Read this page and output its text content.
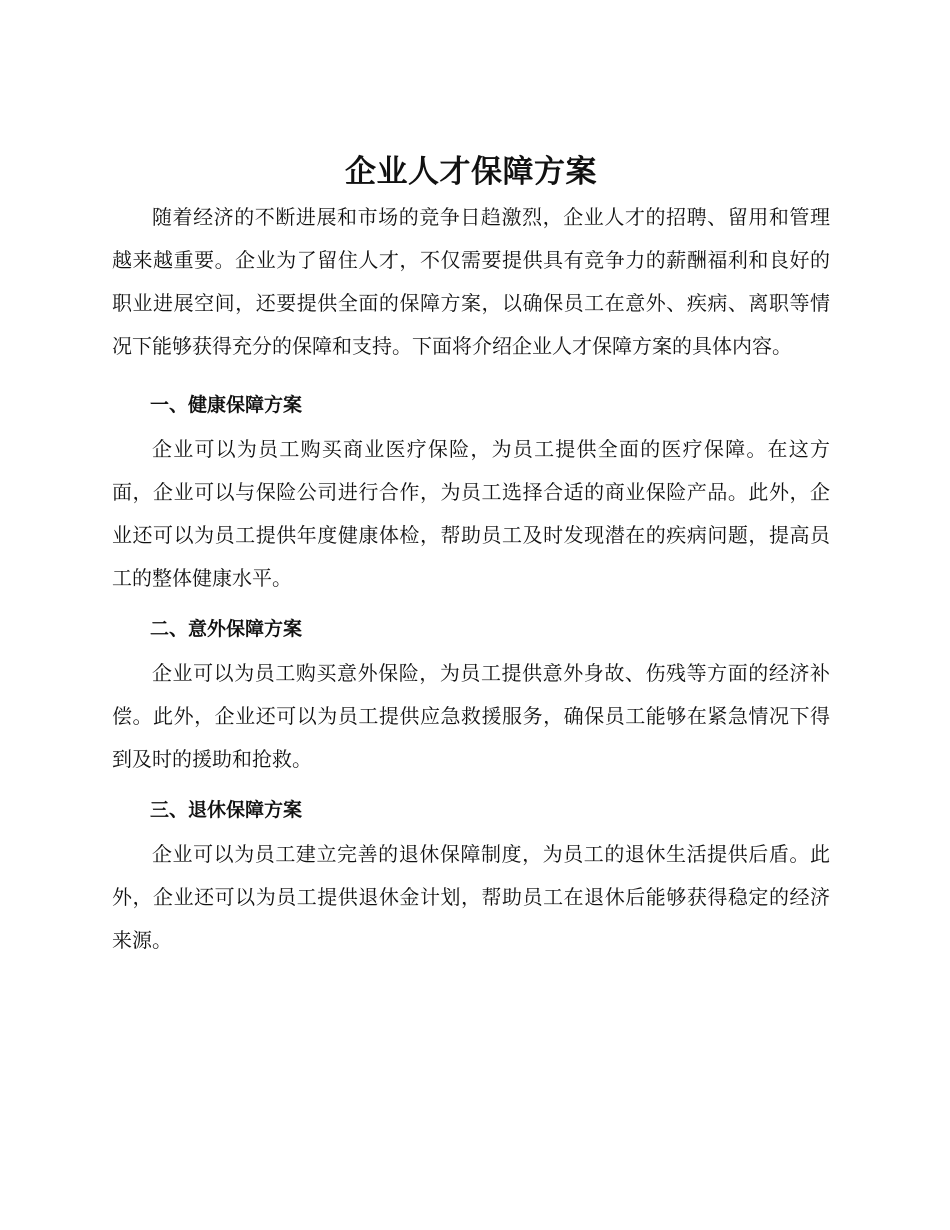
企业人才保障方案

随着经济的不断进展和市场的竞争日趋激烈，企业人才的招聘、留用和管理越来越重要。企业为了留住人才，不仅需要提供具有竞争力的薪酬福利和良好的职业进展空间，还要提供全面的保障方案，以确保员工在意外、疾病、离职等情况下能够获得充分的保障和支持。下面将介绍企业人才保障方案的具体内容。

一、健康保障方案

企业可以为员工购买商业医疗保险，为员工提供全面的医疗保障。在这方面，企业可以与保险公司进行合作，为员工选择合适的商业保险产品。此外，企业还可以为员工提供年度健康体检，帮助员工及时发现潜在的疾病问题，提高员工的整体健康水平。

二、意外保障方案

企业可以为员工购买意外保险，为员工提供意外身故、伤残等方面的经济补偿。此外，企业还可以为员工提供应急救援服务，确保员工能够在紧急情况下得到及时的援助和抢救。

三、退休保障方案

企业可以为员工建立完善的退休保障制度，为员工的退休生活提供后盾。此外，企业还可以为员工提供退休金计划，帮助员工在退休后能够获得稳定的经济来源。
